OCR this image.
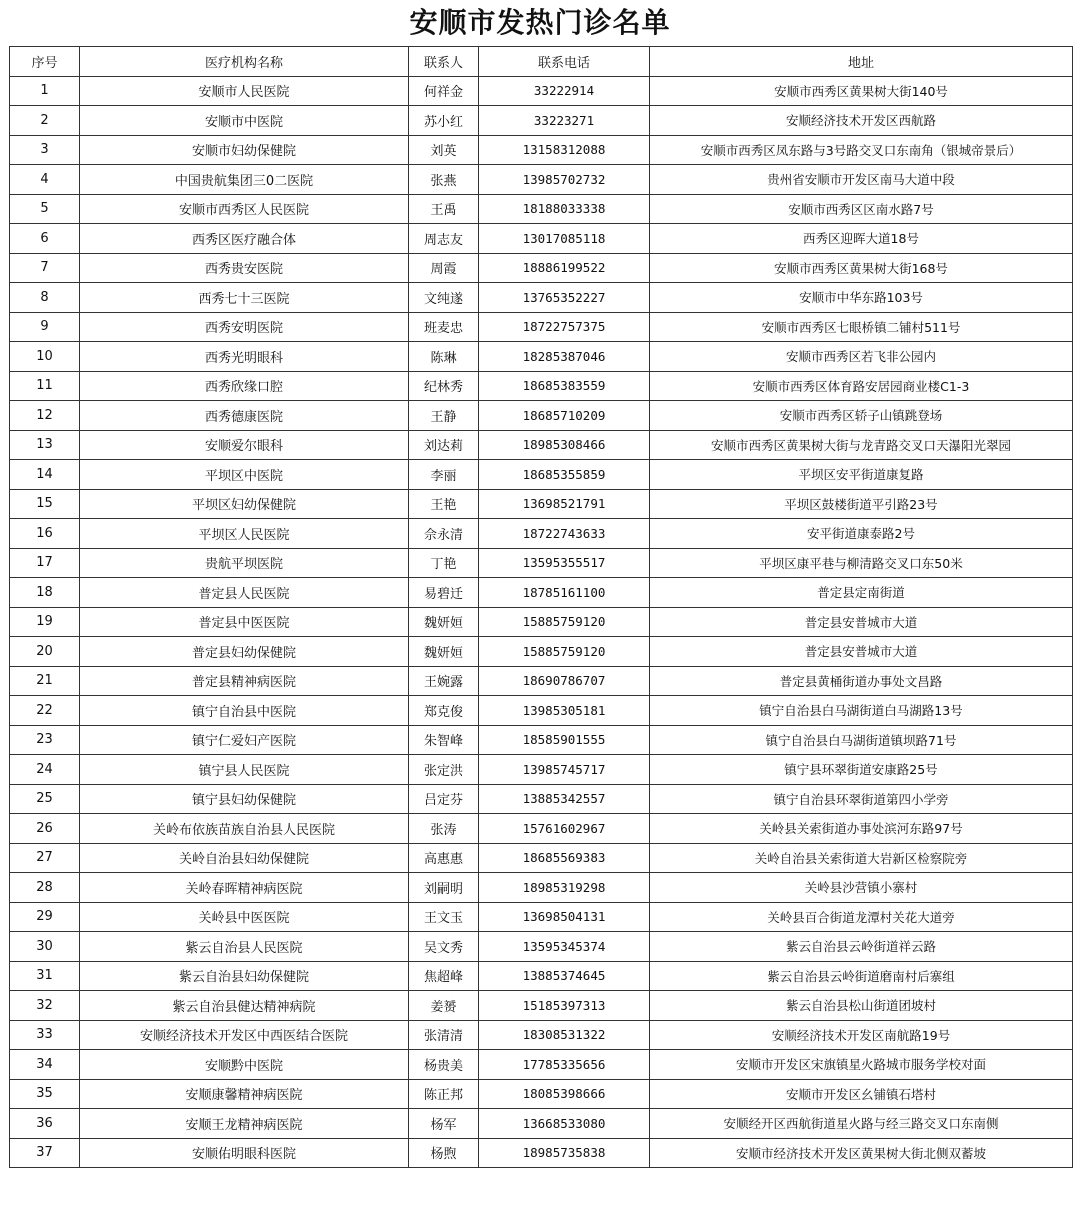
安顺市发热门诊名单
序号	医疗机构名称	联系人	联系电话	地址
1	安顺市人民医院	何祥金	33222914	安顺市西秀区黄果树大街140号
2	安顺市中医院	苏小红	33223271	安顺经济技术开发区西航路
3	安顺市妇幼保健院	刘英	13158312088	安顺市西秀区凤东路与3号路交叉口东南角（银城帝景后）
4	中国贵航集团三0二医院	张燕	13985702732	贵州省安顺市开发区南马大道中段
5	安顺市西秀区人民医院	王禹	18188033338	安顺市西秀区区南水路7号
6	西秀区医疗融合体	周志友	13017085118	西秀区迎晖大道18号
7	西秀贵安医院	周霞	18886199522	安顺市西秀区黄果树大街168号
8	西秀七十三医院	文纯遂	13765352227	安顺市中华东路103号
9	西秀安明医院	班麦忠	18722757375	安顺市西秀区七眼桥镇二铺村511号
10	西秀光明眼科	陈琳	18285387046	安顺市西秀区若飞非公园内
11	西秀欣缘口腔	纪林秀	18685383559	安顺市西秀区体育路安居园商业楼C1-3
12	西秀德康医院	王静	18685710209	安顺市西秀区轿子山镇跳登场
13	安顺爱尔眼科	刘达莉	18985308466	安顺市西秀区黄果树大街与龙青路交叉口天瀑阳光翠园
14	平坝区中医院	李丽	18685355859	平坝区安平街道康复路
15	平坝区妇幼保健院	王艳	13698521791	平坝区鼓楼街道平引路23号
16	平坝区人民医院	佘永清	18722743633	安平街道康泰路2号
17	贵航平坝医院	丁艳	13595355517	平坝区康平巷与柳清路交叉口东50米
18	普定县人民医院	易碧迁	18785161100	普定县定南街道
19	普定县中医医院	魏妍姮	15885759120	普定县安普城市大道
20	普定县妇幼保健院	魏妍姮	15885759120	普定县安普城市大道
21	普定县精神病医院	王婉露	18690786707	普定县黄桶街道办事处文昌路
22	镇宁自治县中医院	郑克俊	13985305181	镇宁自治县白马湖街道白马湖路13号
23	镇宁仁爱妇产医院	朱智峰	18585901555	镇宁自治县白马湖街道镇坝路71号
24	镇宁县人民医院	张定洪	13985745717	镇宁县环翠街道安康路25号
25	镇宁县妇幼保健院	吕定芬	13885342557	镇宁自治县环翠街道第四小学旁
26	关岭布依族苗族自治县人民医院	张涛	15761602967	关岭县关索街道办事处滨河东路97号
27	关岭自治县妇幼保健院	高惠惠	18685569383	关岭自治县关索街道大岩新区检察院旁
28	关岭春晖精神病医院	刘嗣明	18985319298	关岭县沙营镇小寨村
29	关岭县中医医院	王文玉	13698504131	关岭县百合街道龙潭村关花大道旁
30	紫云自治县人民医院	吴文秀	13595345374	紫云自治县云岭街道祥云路
31	紫云自治县妇幼保健院	焦超峰	13885374645	紫云自治县云岭街道磨南村后寨组
32	紫云自治县健达精神病院	姜赟	15185397313	紫云自治县松山街道团坡村
33	安顺经济技术开发区中西医结合医院	张清清	18308531322	安顺经济技术开发区南航路19号
34	安顺黔中医院	杨贵美	17785335656	安顺市开发区宋旗镇星火路城市服务学校对面
35	安顺康馨精神病医院	陈正邦	18085398666	安顺市开发区幺铺镇石塔村
36	安顺王龙精神病医院	杨军	13668533080	安顺经开区西航街道星火路与经三路交叉口东南侧
37	安顺佑明眼科医院	杨煦	18985735838	安顺市经济技术开发区黄果树大街北侧双蓄坡
